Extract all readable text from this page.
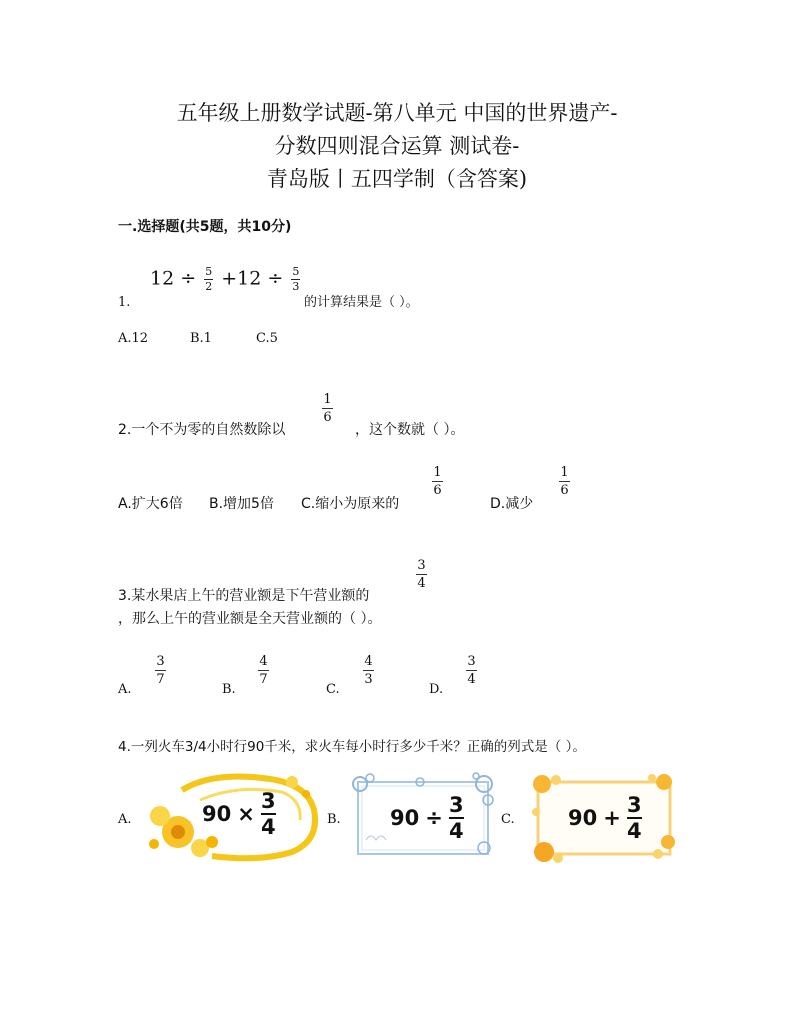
五年级上册数学试题-第八单元 中国的世界遗产-
分数四则混合运算 测试卷-
青岛版丨五四学制（含答案)
一.选择题(共5题，共10分)
$12 \div \frac{5}{2} +12 \div \frac{5}{3}$
1.	的计算结果是（ ）。
A.12	B.1	C.5
1
6
2.一个不为零的自然数除以	，这个数就（ ）。
A.扩大6倍 B.增加5倍 C.缩小为原来的
1
6
D.减少
1
6
3
4
3.某水果店上午的营业额是下午营业额的
，那么上午的营业额是全天营业额的（ ）。
A.
3
7
B.
4
7
C.
4
3
D.
3
4
4.一列火车3/4小时行90千米，求火车每小时行多少千米？正确的列式是（ ）。
A.	90 ×
3
4	B. 90 ÷
3
4	C.	90 +
3
4
